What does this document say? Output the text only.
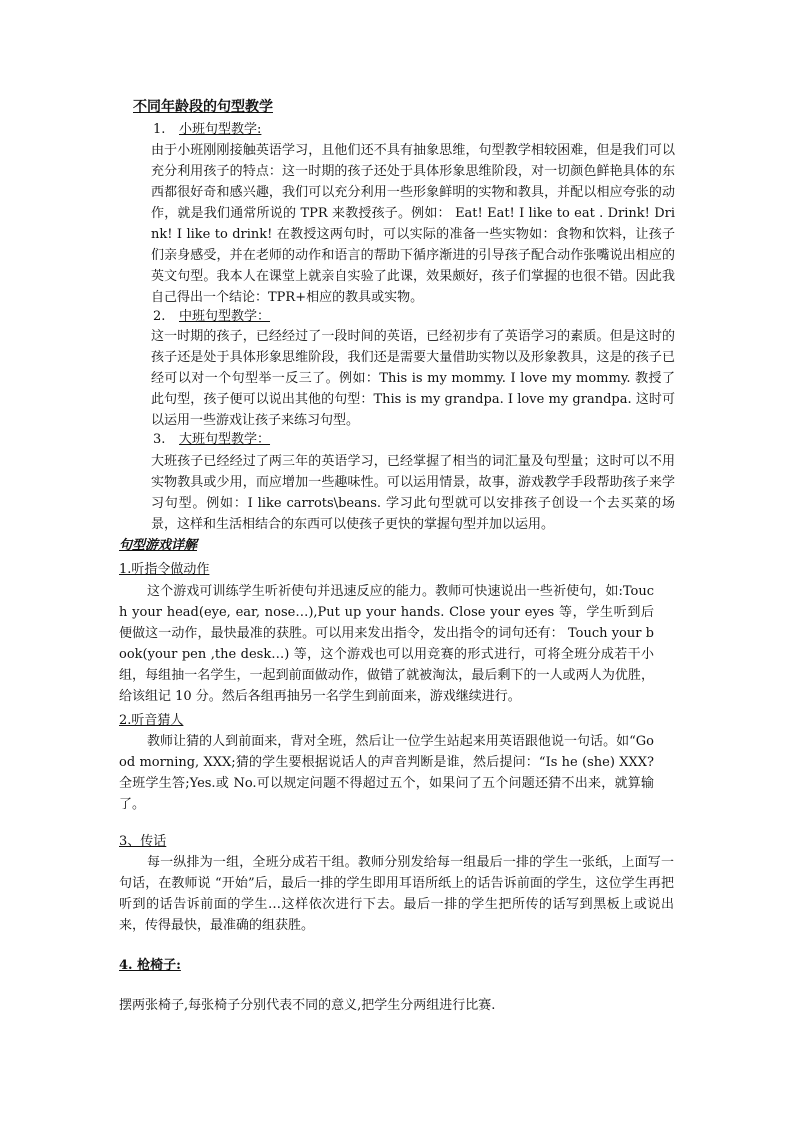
不同年龄段的句型教学
1. 小班句型教学:

由于小班刚刚接触英语学习，且他们还不具有抽象思维，句型教学相较困难，但是我们可以充分利用孩子的特点：这一时期的孩子还处于具体形象思维阶段，对一切颜色鲜艳具体的东西都很好奇和感兴趣，我们可以充分利用一些形象鲜明的实物和教具，并配以相应夸张的动作，就是我们通常所说的 TPR 来教授孩子。例如： Eat! Eat! I like to eat . Drink! Drink! I like to drink! 在教授这两句时，可以实际的准备一些实物如：食物和饮料，让孩子们亲身感受，并在老师的动作和语言的帮助下循序渐进的引导孩子配合动作张嘴说出相应的英文句型。我本人在课堂上就亲自实验了此课，效果颇好，孩子们掌握的也很不错。因此我自己得出一个结论：TPR+相应的教具或实物。

2. 中班句型教学：

这一时期的孩子，已经经过了一段时间的英语，已经初步有了英语学习的素质。但是这时的孩子还是处于具体形象思维阶段，我们还是需要大量借助实物以及形象教具，这是的孩子已经可以对一个句型举一反三了。例如：This is my mommy. I love my mommy. 教授了此句型，孩子便可以说出其他的句型：This is my grandpa. I love my grandpa. 这时可以运用一些游戏让孩子来练习句型。

3. 大班句型教学：

大班孩子已经经过了两三年的英语学习，已经掌握了相当的词汇量及句型量；这时可以不用实物教具或少用，而应增加一些趣味性。可以运用情景，故事，游戏教学手段帮助孩子来学习句型。例如：I like carrots\beans. 学习此句型就可以安排孩子创设一个去买菜的场景，这样和生活相结合的东西可以使孩子更快的掌握句型并加以运用。

句型游戏详解
1.听指令做动作

这个游戏可训练学生听祈使句并迅速反应的能力。教师可快速说出一些祈使句，如:Touch your head(eye, ear, nose…),Put up your hands. Close your eyes 等，学生听到后便做这一动作，最快最准的获胜。可以用来发出指令，发出指令的词句还有： Touch your book(your pen ,the desk…) 等，这个游戏也可以用竞赛的形式进行，可将全班分成若干小组，每组抽一名学生，一起到前面做动作，做错了就被淘汰，最后剩下的一人或两人为优胜，给该组记 10 分。然后各组再抽另一名学生到前面来，游戏继续进行。

2.听音猜人

教师让猜的人到前面来，背对全班，然后让一位学生站起来用英语跟他说一句话。如“Good morning, XXX;猜的学生要根据说话人的声音判断是谁，然后提问：“Is he (she) XXX? 全班学生答;Yes.或 No.可以规定问题不得超过五个，如果问了五个问题还猜不出来，就算输了。

3、传话

每一纵排为一组，全班分成若干组。教师分别发给每一组最后一排的学生一张纸，上面写一句话，在教师说 “开始”后，最后一排的学生即用耳语所纸上的话告诉前面的学生，这位学生再把听到的话告诉前面的学生…这样依次进行下去。最后一排的学生把所传的话写到黑板上或说出来，传得最快，最准确的组获胜。

4. 枪椅子:

摆两张椅子,每张椅子分别代表不同的意义,把学生分两组进行比赛.
